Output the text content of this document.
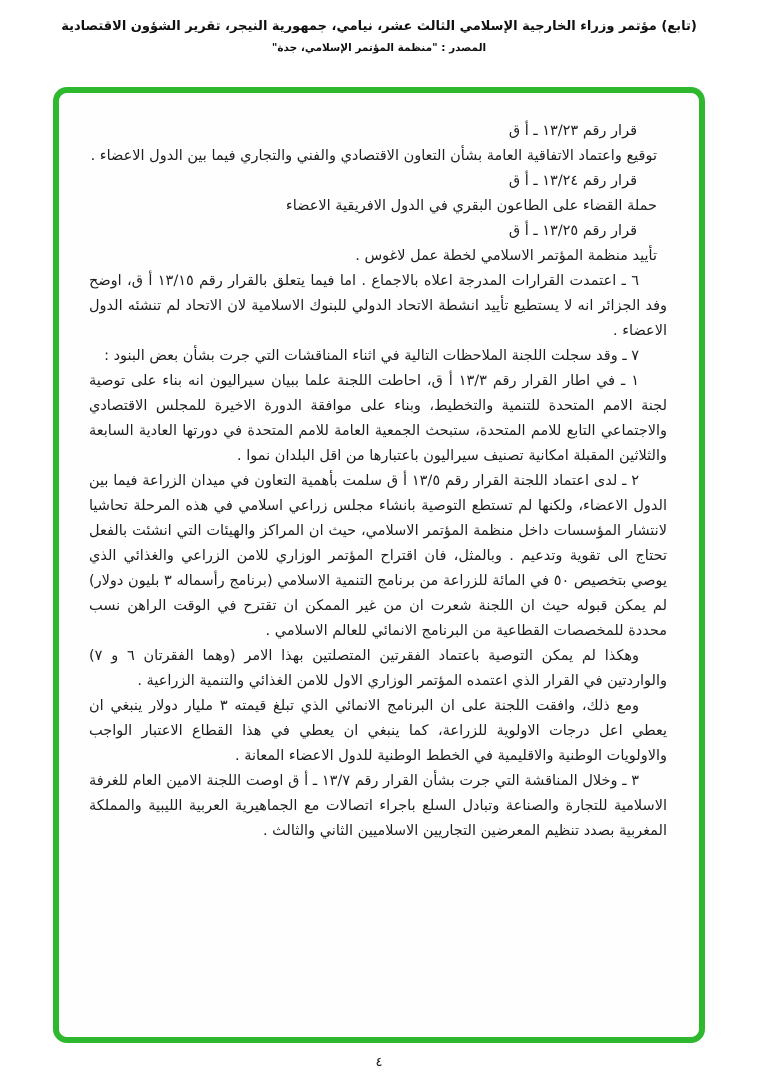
(تابع) مؤتمر وزراء الخارجية الإسلامي الثالث عشر، نيامي، جمهورية النيجر، تقرير الشؤون الاقتصادية
المصدر : "منظمة المؤتمر الإسلامي، جدة"

قرار رقم ١٣/٢٣ ـ أ ق

توقيع واعتماد الاتفاقية العامة بشأن التعاون الاقتصادي والفني والتجاري فيما بين الدول الاعضاء .

قرار رقم ١٣/٢٤ ـ أ ق

حملة القضاء على الطاعون البقري في الدول الافريقية الاعضاء

قرار رقم ١٣/٢٥ ـ أ ق

تأييد منظمة المؤتمر الاسلامي لخطة عمل لاغوس .

٦ ـ اعتمدت القرارات المدرجة اعلاه بالاجماع . اما فيما يتعلق بالقرار رقم ١٣/١٥ أ ق، اوضح وفد الجزائر انه لا يستطيع تأييد انشطة الاتحاد الدولي للبنوك الاسلامية لان الاتحاد لم تنشئه الدول الاعضاء .

٧ ـ وقد سجلت اللجنة الملاحظات التالية في اثناء المناقشات التي جرت بشأن بعض البنود :

١ ـ في اطار القرار رقم ١٣/٣ أ ق، احاطت اللجنة علما ببيان سيراليون انه بناء على توصية لجنة الامم المتحدة للتنمية والتخطيط، وبناء على موافقة الدورة الاخيرة للمجلس الاقتصادي والاجتماعي التابع للامم المتحدة، ستبحث الجمعية العامة للامم المتحدة في دورتها العادية السابعة والثلاثين المقبلة امكانية تصنيف سيراليون باعتبارها من اقل البلدان نموا .

٢ ـ لدى اعتماد اللجنة القرار رقم ١٣/٥ أ ق سلمت بأهمية التعاون في ميدان الزراعة فيما بين الدول الاعضاء، ولكنها لم تستطع التوصية بانشاء مجلس زراعي اسلامي في هذه المرحلة تحاشيا لانتشار المؤسسات داخل منظمة المؤتمر الاسلامي، حيث ان المراكز والهيئات التي انشئت بالفعل تحتاج الى تقوية وتدعيم . وبالمثل، فان اقتراح المؤتمر الوزاري للامن الزراعي والغذائي الذي يوصي بتخصيص ٥٠ في المائة للزراعة من برنامج التنمية الاسلامي (برنامج رأسماله ٣ بليون دولار) لم يمكن قبوله حيث ان اللجنة شعرت ان من غير الممكن ان تقترح في الوقت الراهن نسب محددة للمخصصات القطاعية من البرنامج الانمائي للعالم الاسلامي .

وهكذا لم يمكن التوصية باعتماد الفقرتين المتصلتين بهذا الامر (وهما الفقرتان ٦ و ٧) والواردتين في القرار الذي اعتمده المؤتمر الوزاري الاول للامن الغذائي والتنمية الزراعية .

ومع ذلك، وافقت اللجنة على ان البرنامج الانمائي الذي تبلغ قيمته ٣ مليار دولار ينبغي ان يعطي اعل درجات الاولوية للزراعة، كما ينبغي ان يعطي في هذا القطاع الاعتبار الواجب والاولويات الوطنية والاقليمية في الخطط الوطنية للدول الاعضاء المعانة .

٣ ـ وخلال المناقشة التي جرت بشأن القرار رقم ١٣/٧ ـ أ ق اوصت اللجنة الامين العام للغرفة الاسلامية للتجارة والصناعة وتبادل السلع باجراء اتصالات مع الجماهيرية العربية الليبية والمملكة المغربية بصدد تنظيم المعرضين التجاريين الاسلاميين الثاني والثالث .

٤
